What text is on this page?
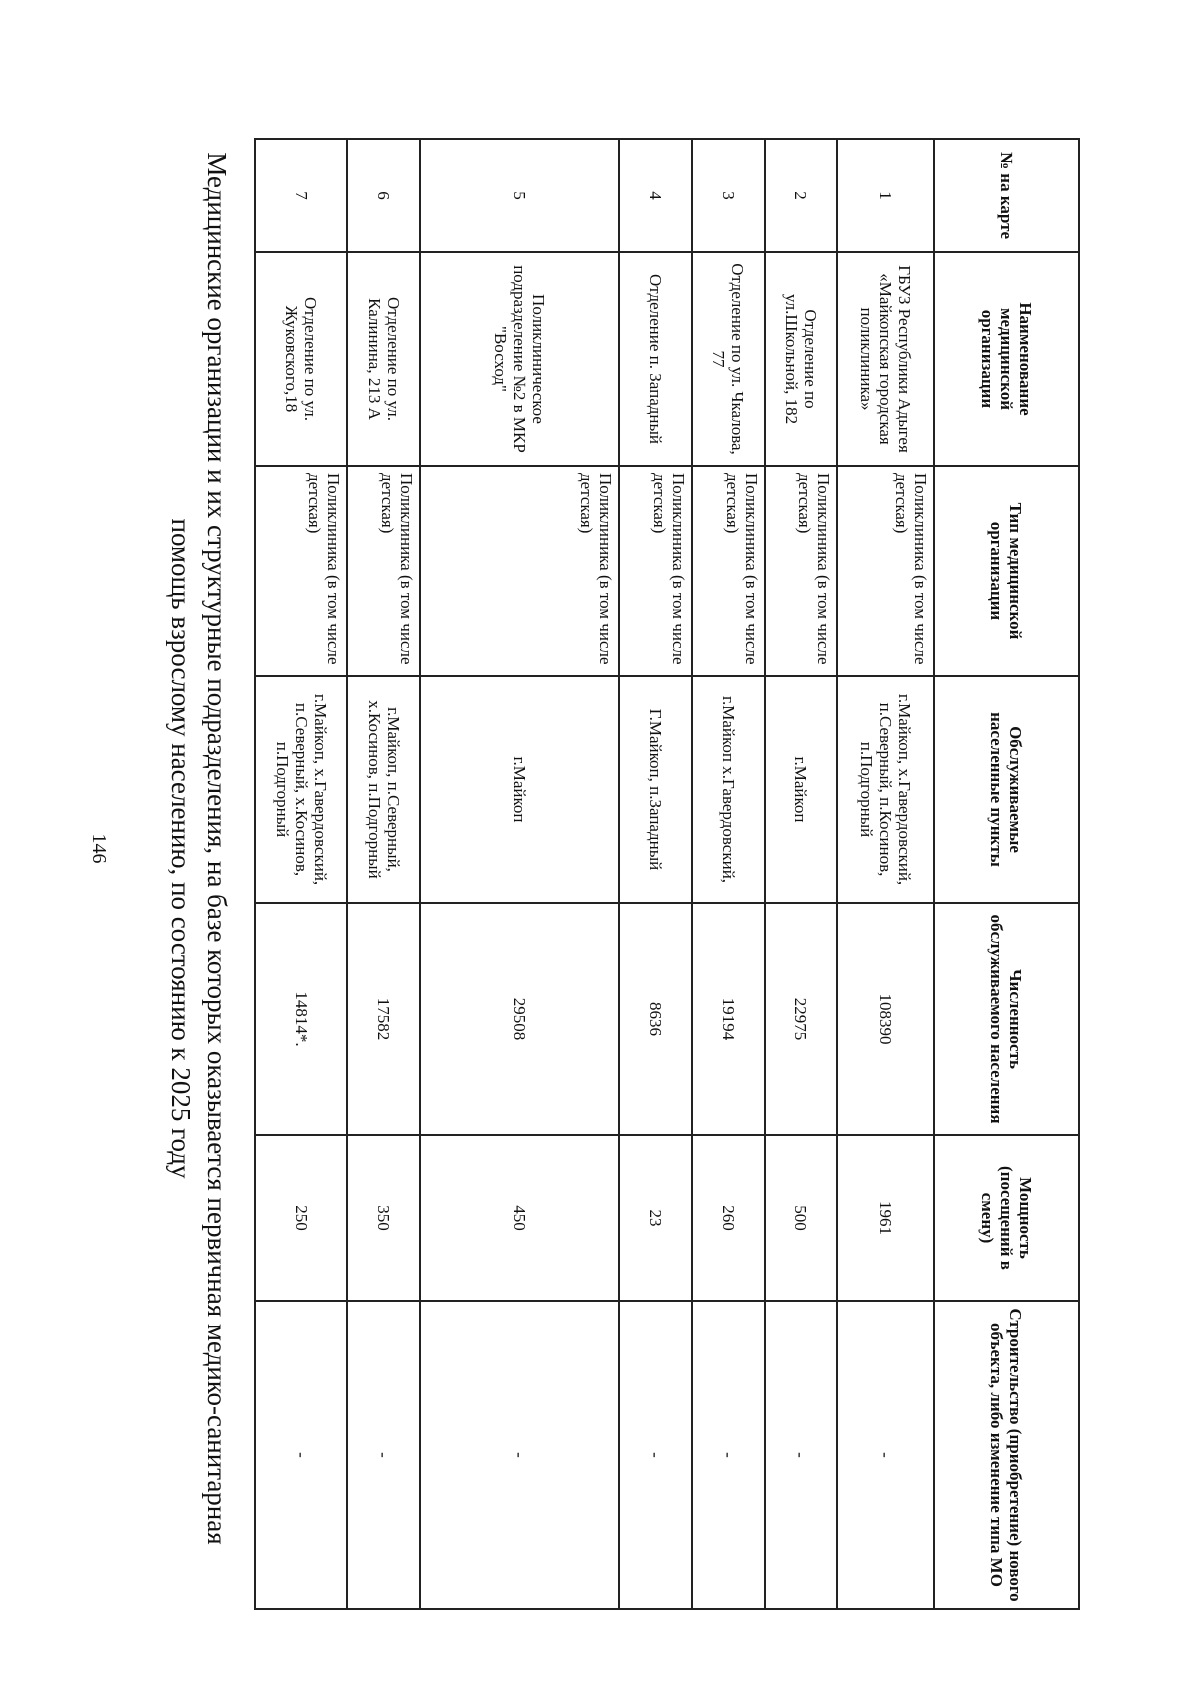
146	Медицинские организации и их структурные подразделения, на базе которых оказывается первичная медико-санитарная
помощь взрослому населению, по состоянию к 2025 году
№ на карте	Наименование медицинской организации	Тип медицинской организации	Обслуживаемые населенные пункты	Численность обслуживаемого населения	Мощность (посещений в смену)	Строительство (приобретение) нового объекта, либо изменение типа МО
1	ГБУЗ Республики Адыгея «Майкопская городская поликлиника»	Поликлиника (в том числе детская)	г.Майкоп, х.Гавердовский, п.Северный, п.Косинов, п.Подгорный	108390	1961	-
2	Отделение по ул.Школьной, 182	Поликлиника (в том числе детская)	г.Майкоп	22975	500	-
3	Отделение по ул. Чкалова, 77	Поликлиника (в том числе детская)	г.Майкоп х.Гавердовский,	19194	260	-
4	Отделение п. Западный	Поликлиника (в том числе детская)	Г.Майкоп, п.Западный	8636	23	-
5	Поликлиническое подразделение №2 в МКР "Восход"	Поликлиника (в том числе детская)	г.Майкоп	29508	450	-
6	Отделение по ул. Калинина, 213 А	Поликлиника (в том числе детская)	г.Майкоп, п.Северный, х.Косинов, п.Подгорный	17582	350	-
7	Отделение по ул. Жуковского,18	Поликлиника (в том числе детская)	г.Майкоп, х.Гавердовский, п.Северный, х.Косинов, п.Подгорный	14814*.	250	-
